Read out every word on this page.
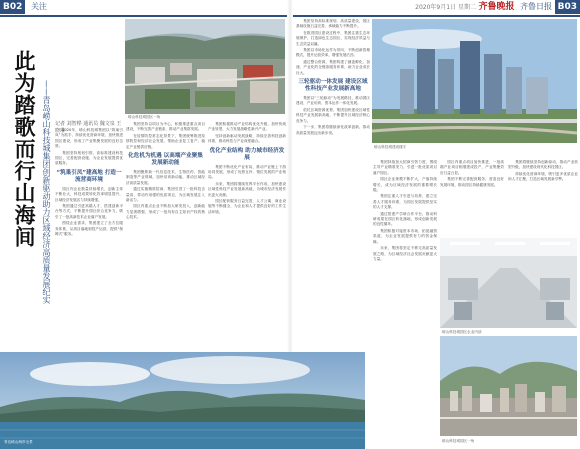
B02 关注	2020年9月1日 星期二 齐鲁晚报 齐鲁日报 B03
此为踏歌而行山海间 ——青岛崂山科技城集团创新驱动助力区域经济高质量发展纪实 记者 刘智桦 通讯员 魏文泉 王晓琳
崂山科技城园区一角

2020年，崂山科技城集团以“筑巢引凤”为抓手，持续优化营商环境，加快推进园区建设，形成了产业集聚发展的良好态势。

集团坚持规划引领，高标准建设科技园区，完善配套设施，为企业发展提供优质服务。

“筑巢引凤”建高地 打造一流营商环境

园区内企业数量持续增长，创新主体不断壮大，科技成果转化效率明显提升，区域经济发展活力持续增强。

集团通过引进高端人才、搭建创新平台等方式，不断提升园区综合竞争力，吸引了一批高新技术企业落户发展。

围绕企业需求，集团建立了全方位服务体系，从项目落地到投产运营，提供“保姆式”服务。

集团坚持以项目为中心，积极推进重点项目建设，不断完善产业链条，推动产业集群发展。

在疫情防控常态化背景下，集团统筹推进疫情防控和经济社会发展，帮助企业复工复产，稳定产业链供应链。

化危机为机遇 以高端产业聚集发展新动能

集团聚焦新一代信息技术、生物医药、智能制造等产业领域，加快培育新动能，推动区域经济高质量发展。

通过实施精准招商，集团引进了一批科技含量高、带动作用强的优质项目，为区域发展注入新活力。

园区内重点企业不断加大研发投入，创新能力显著增强，形成了一批具有自主知识产权的核心技术。

集团积极推动产业结构优化升级，加快传统产业转型，大力发展战略性新兴产业。

坚持创新驱动发展战略，持续完善科技创新体系，推动科技与产业深度融合。

优化产业结构 助力城市经济发展

集团不断优化产业布局，推动产业链上下游协同发展，形成了优势互补、错位发展的产业格局。

未来，集团将继续发挥平台作用，加快建设区域性科技产业发展新高地，为城市经济发展作出更大贡献。

园区配套服务日益完善，人才公寓、商业设施等不断健全，为企业和人才提供良好的工作生活环境。

青岛崂山海岸全景

集团坚持高标准规划、高质量建设，园区基础设施日益完善，承载能力不断提升。

在推进园区建设过程中，集团注重生态环境保护，打造绿色生态园区，实现经济效益与生态效益双赢。

集团以市场化运作为导向，不断创新管理模式，提升运营效率，增强发展后劲。

通过整合资源，集团构建了涵盖孵化、加速、产业化的全链条服务体系，助力企业成长壮大。

三轮驱动一体发展 建设区域性科技产业发展新高地

集团以“三轮驱动”为发展路径，推动园区建设、产业培育、资本运作一体化发展。

依托区域资源优势，集团加快建设区域性科技产业发展新高地，不断提升区域经济核心竞争力。

下一步，集团将继续深化改革创新，推动高质量发展迈出新步伐。

集团持续加大招商引资力度，围绕主导产业精准发力，引进一批优质项目落户园区。

园区企业规模不断扩大，产值持续增长，成为区域经济发展的重要增长极。

集团注重人才引进与培养，建立完善人才服务体系，为园区发展提供坚实的人才支撑。

通过搭建产学研合作平台，推动科研成果在园区转化落地，形成创新发展的良性循环。

集团积极对接资本市场，拓宽融资渠道，为企业发展提供有力的资金保障。

未来，集团将坚定不移走高质量发展之路，为区域经济社会发展贡献更大力量。

园区内重点项目加快推进，一批高端产业项目相继建成投产，产业集聚效应日益凸显。

集团不断完善配套服务，营造良好发展环境，推动园区持续健康发展。

集团将继续坚持创新驱动，推动产业转型升级，加快建设现代化科技园区。

持续优化营商环境，吸引更多优质企业和人才汇聚，打造区域发展新引擎。

崂山科技城建成楼宇
崂山科技城园区企业内部
崂山科技城园区一角
